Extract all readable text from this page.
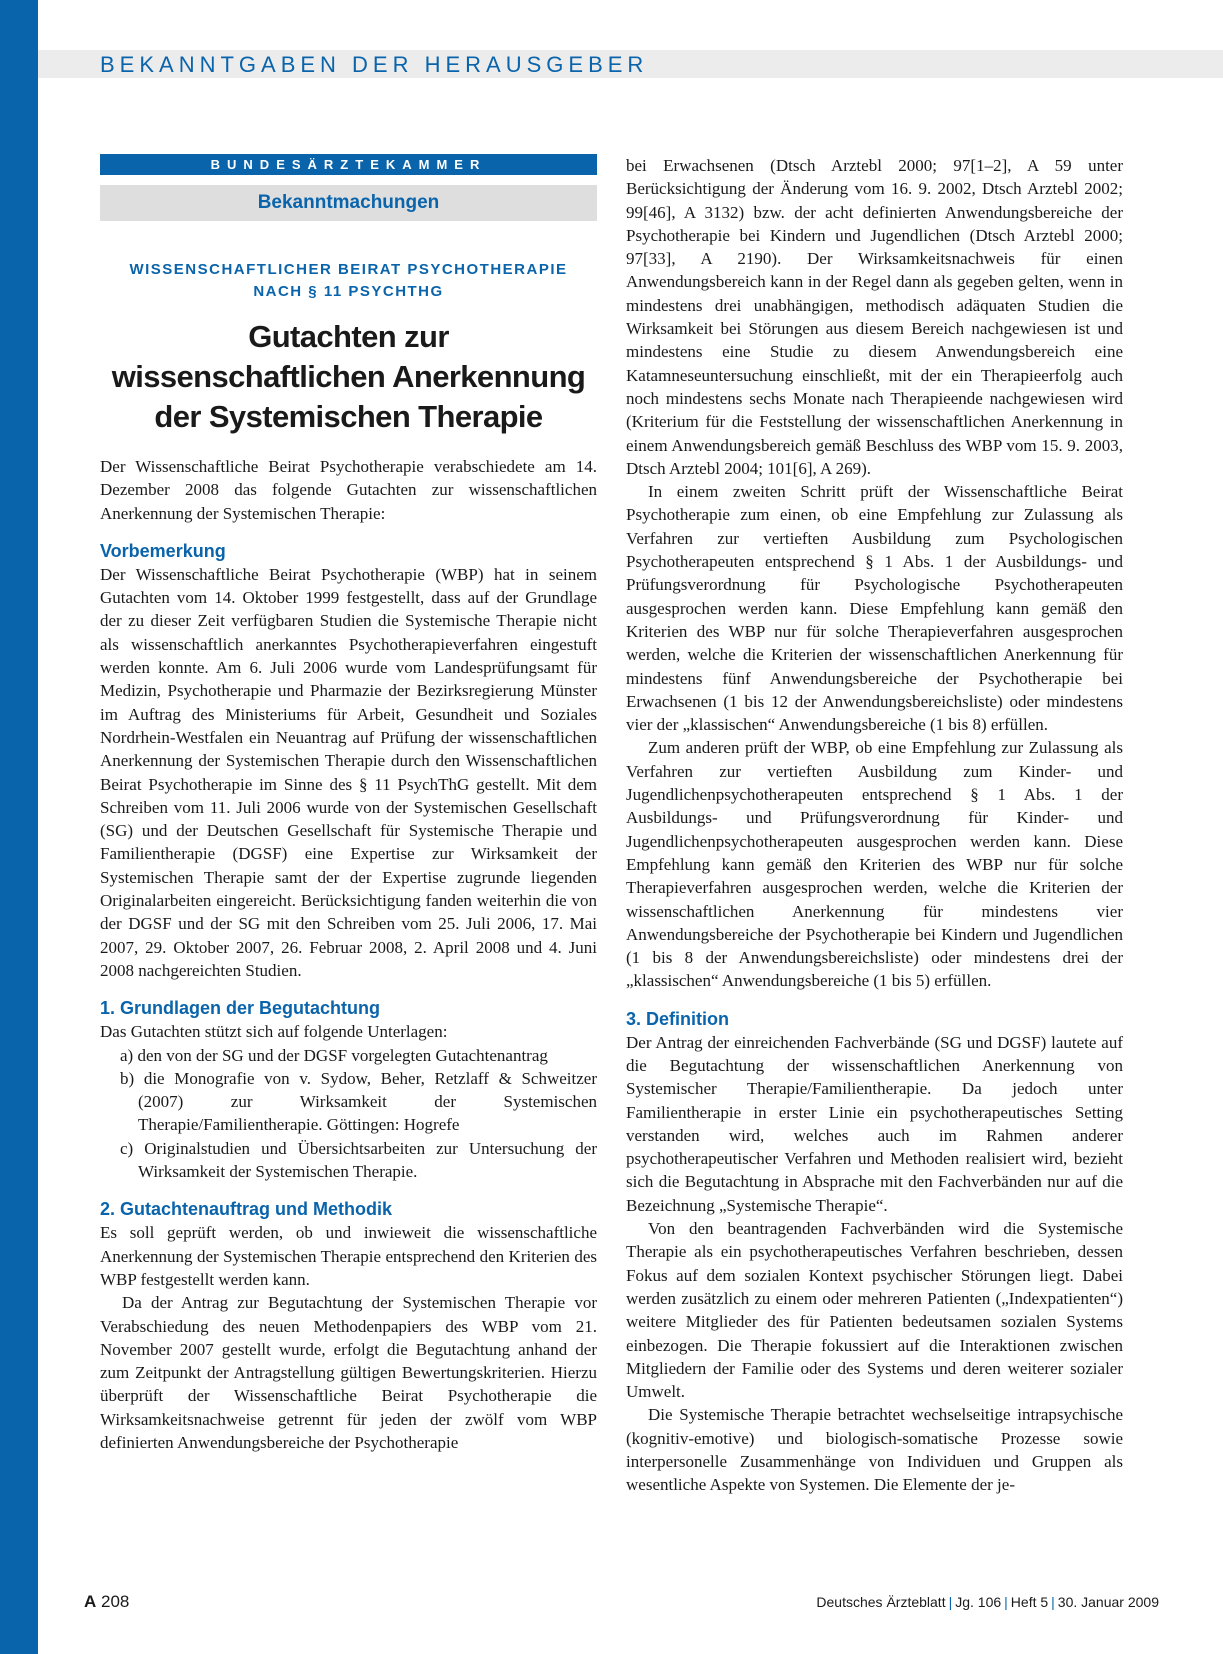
BEKANNTGABEN DER HERAUSGEBER
BUNDESÄRZTEKAMMER
Bekanntmachungen
WISSENSCHAFTLICHER BEIRAT PSYCHOTHERAPIE
NACH § 11 PSYCHTHG
Gutachten zur
wissenschaftlichen Anerkennung
der Systemischen Therapie

Der Wissenschaftliche Beirat Psychotherapie verabschiedete am 14. Dezember 2008 das folgende Gutachten zur wissenschaftlichen Anerkennung der Systemischen Therapie:

Vorbemerkung

Der Wissenschaftliche Beirat Psychotherapie (WBP) hat in seinem Gutachten vom 14. Oktober 1999 festgestellt, dass auf der Grundlage der zu dieser Zeit verfügbaren Studien die Systemische Therapie nicht als wissenschaftlich anerkanntes Psychotherapieverfahren eingestuft werden konnte. Am 6. Juli 2006 wurde vom Landesprüfungsamt für Medizin, Psychotherapie und Pharmazie der Bezirksregierung Münster im Auftrag des Ministeriums für Arbeit, Gesundheit und Soziales Nordrhein-Westfalen ein Neuantrag auf Prüfung der wissenschaftlichen Anerkennung der Systemischen Therapie durch den Wissenschaftlichen Beirat Psychotherapie im Sinne des § 11 PsychThG gestellt. Mit dem Schreiben vom 11. Juli 2006 wurde von der Systemischen Gesellschaft (SG) und der Deutschen Gesellschaft für Systemische Therapie und Familientherapie (DGSF) eine Expertise zur Wirksamkeit der Systemischen Therapie samt der der Expertise zugrunde liegenden Originalarbeiten eingereicht. Berücksichtigung fanden weiterhin die von der DGSF und der SG mit den Schreiben vom 25. Juli 2006, 17. Mai 2007, 29. Oktober 2007, 26. Februar 2008, 2. April 2008 und 4. Juni 2008 nachgereichten Studien.

1. Grundlagen der Begutachtung

Das Gutachten stützt sich auf folgende Unterlagen:

a) den von der SG und der DGSF vorgelegten Gutachtenantrag
b) die Monografie von v. Sydow, Beher, Retzlaff & Schweitzer (2007) zur Wirksamkeit der Systemischen Therapie/Familientherapie. Göttingen: Hogrefe
c) Originalstudien und Übersichtsarbeiten zur Untersuchung der Wirksamkeit der Systemischen Therapie.
2. Gutachtenauftrag und Methodik

Es soll geprüft werden, ob und inwieweit die wissenschaftliche Anerkennung der Systemischen Therapie entsprechend den Kriterien des WBP festgestellt werden kann.

Da der Antrag zur Begutachtung der Systemischen Therapie vor Verabschiedung des neuen Methodenpapiers des WBP vom 21. November 2007 gestellt wurde, erfolgt die Begutachtung anhand der zum Zeitpunkt der Antragstellung gültigen Bewertungskriterien. Hierzu überprüft der Wissenschaftliche Beirat Psychotherapie die Wirksamkeitsnachweise getrennt für jeden der zwölf vom WBP definierten Anwendungsbereiche der Psychotherapie

bei Erwachsenen (Dtsch Arztebl 2000; 97[1–2], A 59 unter Berücksichtigung der Änderung vom 16. 9. 2002, Dtsch Arztebl 2002; 99[46], A 3132) bzw. der acht definierten Anwendungsbereiche der Psychotherapie bei Kindern und Jugendlichen (Dtsch Arztebl 2000; 97[33], A 2190). Der Wirksamkeitsnachweis für einen Anwendungsbereich kann in der Regel dann als gegeben gelten, wenn in mindestens drei unabhängigen, methodisch adäquaten Studien die Wirksamkeit bei Störungen aus diesem Bereich nachgewiesen ist und mindestens eine Studie zu diesem Anwendungsbereich eine Katamneseuntersuchung einschließt, mit der ein Therapieerfolg auch noch mindestens sechs Monate nach Therapieende nachgewiesen wird (Kriterium für die Feststellung der wissenschaftlichen Anerkennung in einem Anwendungsbereich gemäß Beschluss des WBP vom 15. 9. 2003, Dtsch Arztebl 2004; 101[6], A 269).

In einem zweiten Schritt prüft der Wissenschaftliche Beirat Psychotherapie zum einen, ob eine Empfehlung zur Zulassung als Verfahren zur vertieften Ausbildung zum Psychologischen Psychotherapeuten entsprechend § 1 Abs. 1 der Ausbildungs- und Prüfungsverordnung für Psychologische Psychotherapeuten ausgesprochen werden kann. Diese Empfehlung kann gemäß den Kriterien des WBP nur für solche Therapieverfahren ausgesprochen werden, welche die Kriterien der wissenschaftlichen Anerkennung für mindestens fünf Anwendungsbereiche der Psychotherapie bei Erwachsenen (1 bis 12 der Anwendungsbereichsliste) oder mindestens vier der „klassischen“ Anwendungsbereiche (1 bis 8) erfüllen.

Zum anderen prüft der WBP, ob eine Empfehlung zur Zulassung als Verfahren zur vertieften Ausbildung zum Kinder- und Jugendlichenpsychotherapeuten entsprechend § 1 Abs. 1 der Ausbildungs- und Prüfungsverordnung für Kinder- und Jugendlichenpsychotherapeuten ausgesprochen werden kann. Diese Empfehlung kann gemäß den Kriterien des WBP nur für solche Therapieverfahren ausgesprochen werden, welche die Kriterien der wissenschaftlichen Anerkennung für mindestens vier Anwendungsbereiche der Psychotherapie bei Kindern und Jugendlichen (1 bis 8 der Anwendungsbereichsliste) oder mindestens drei der „klassischen“ Anwendungsbereiche (1 bis 5) erfüllen.

3. Definition

Der Antrag der einreichenden Fachverbände (SG und DGSF) lautete auf die Begutachtung der wissenschaftlichen Anerkennung von Systemischer Therapie/Familientherapie. Da jedoch unter Familientherapie in erster Linie ein psychotherapeutisches Setting verstanden wird, welches auch im Rahmen anderer psychotherapeutischer Verfahren und Methoden realisiert wird, bezieht sich die Begutachtung in Absprache mit den Fachverbänden nur auf die Bezeichnung „Systemische Therapie“.

Von den beantragenden Fachverbänden wird die Systemische Therapie als ein psychotherapeutisches Verfahren beschrieben, dessen Fokus auf dem sozialen Kontext psychischer Störungen liegt. Dabei werden zusätzlich zu einem oder mehreren Patienten („Indexpatienten“) weitere Mitglieder des für Patienten bedeutsamen sozialen Systems einbezogen. Die Therapie fokussiert auf die Interaktionen zwischen Mitgliedern der Familie oder des Systems und deren weiterer sozialer Umwelt.

Die Systemische Therapie betrachtet wechselseitige intrapsychische (kognitiv-emotive) und biologisch-somatische Prozesse sowie interpersonelle Zusammenhänge von Individuen und Gruppen als wesentliche Aspekte von Systemen. Die Elemente der je-

A 208	Deutsches Ärzteblatt | Jg. 106 | Heft 5 | 30. Januar 2009
